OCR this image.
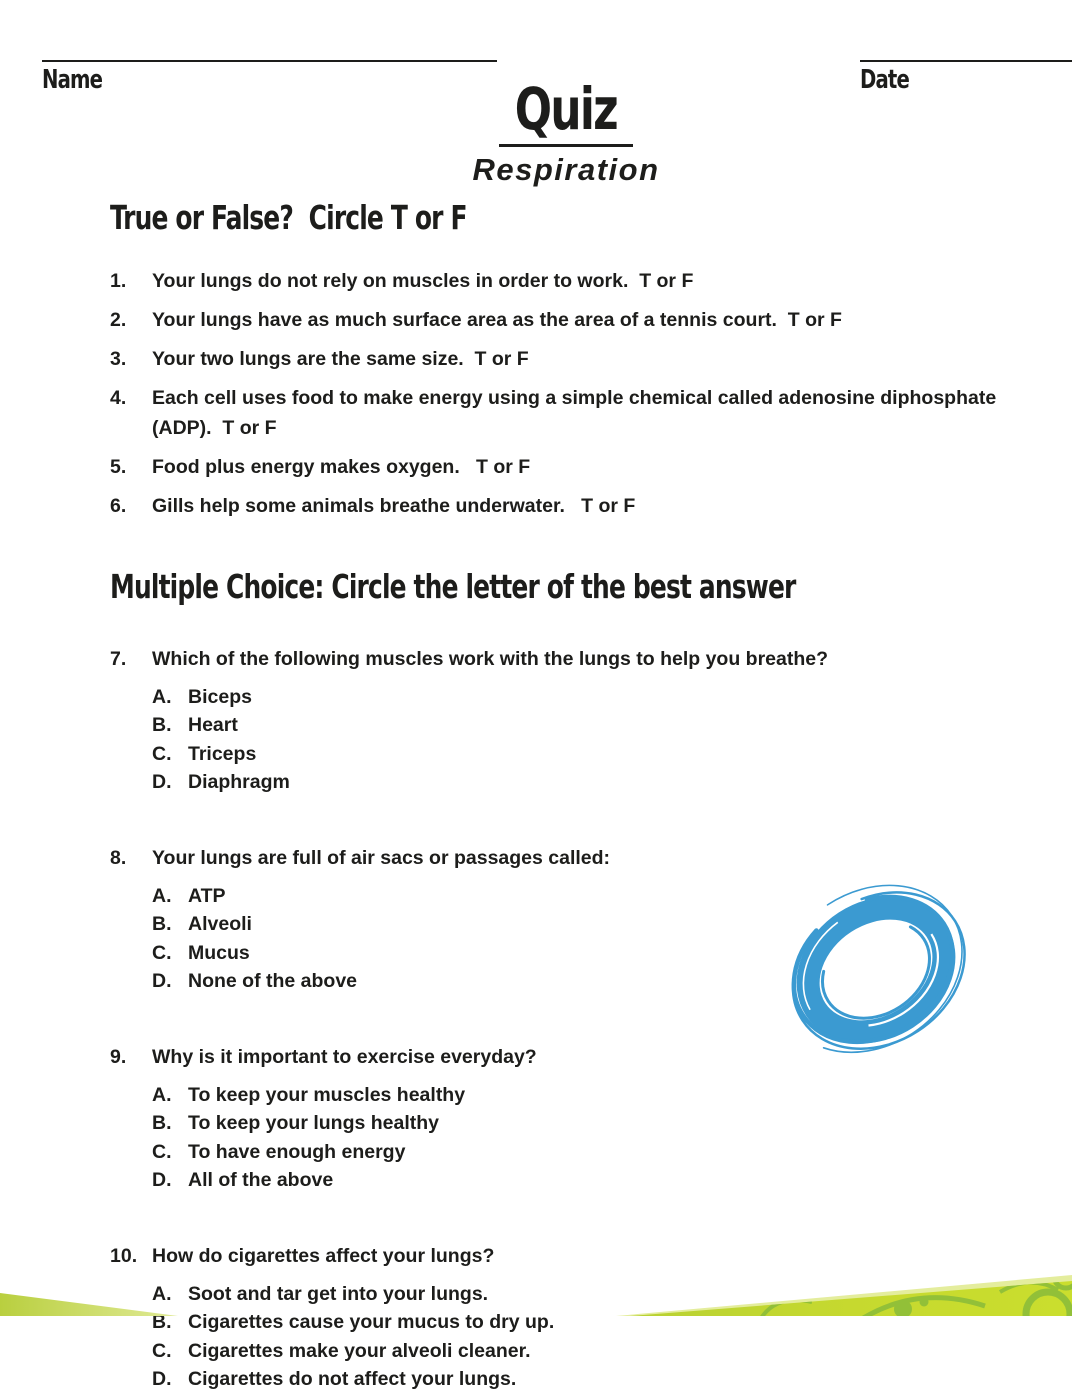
Name	Date
Quiz
Respiration
True or False?  Circle T or F
1.	Your lungs do not rely on muscles in order to work.  T or F
2.	Your lungs have as much surface area as the area of a tennis court.  T or F
3.	Your two lungs are the same size.  T or F
4.	Each cell uses food to make energy using a simple chemical called adenosine diphosphate (ADP).  T or F
5.	Food plus energy makes oxygen.   T or F
6.	Gills help some animals breathe underwater.   T or F
Multiple Choice: Circle the letter of the best answer
7.	Which of the following muscles work with the lungs to help you breathe?
A. Biceps
B. Heart
C. Triceps
D. Diaphragm
8.	Your lungs are full of air sacs or passages called:
A. ATP
B. Alveoli
C. Mucus
D. None of the above
9.	Why is it important to exercise everyday?
A. To keep your muscles healthy
B. To keep your lungs healthy
C. To have enough energy
D. All of the above
10. How do cigarettes affect your lungs?
A. Soot and tar get into your lungs.
B. Cigarettes cause your mucus to dry up.
C. Cigarettes make your alveoli cleaner.
D. Cigarettes do not affect your lungs.
